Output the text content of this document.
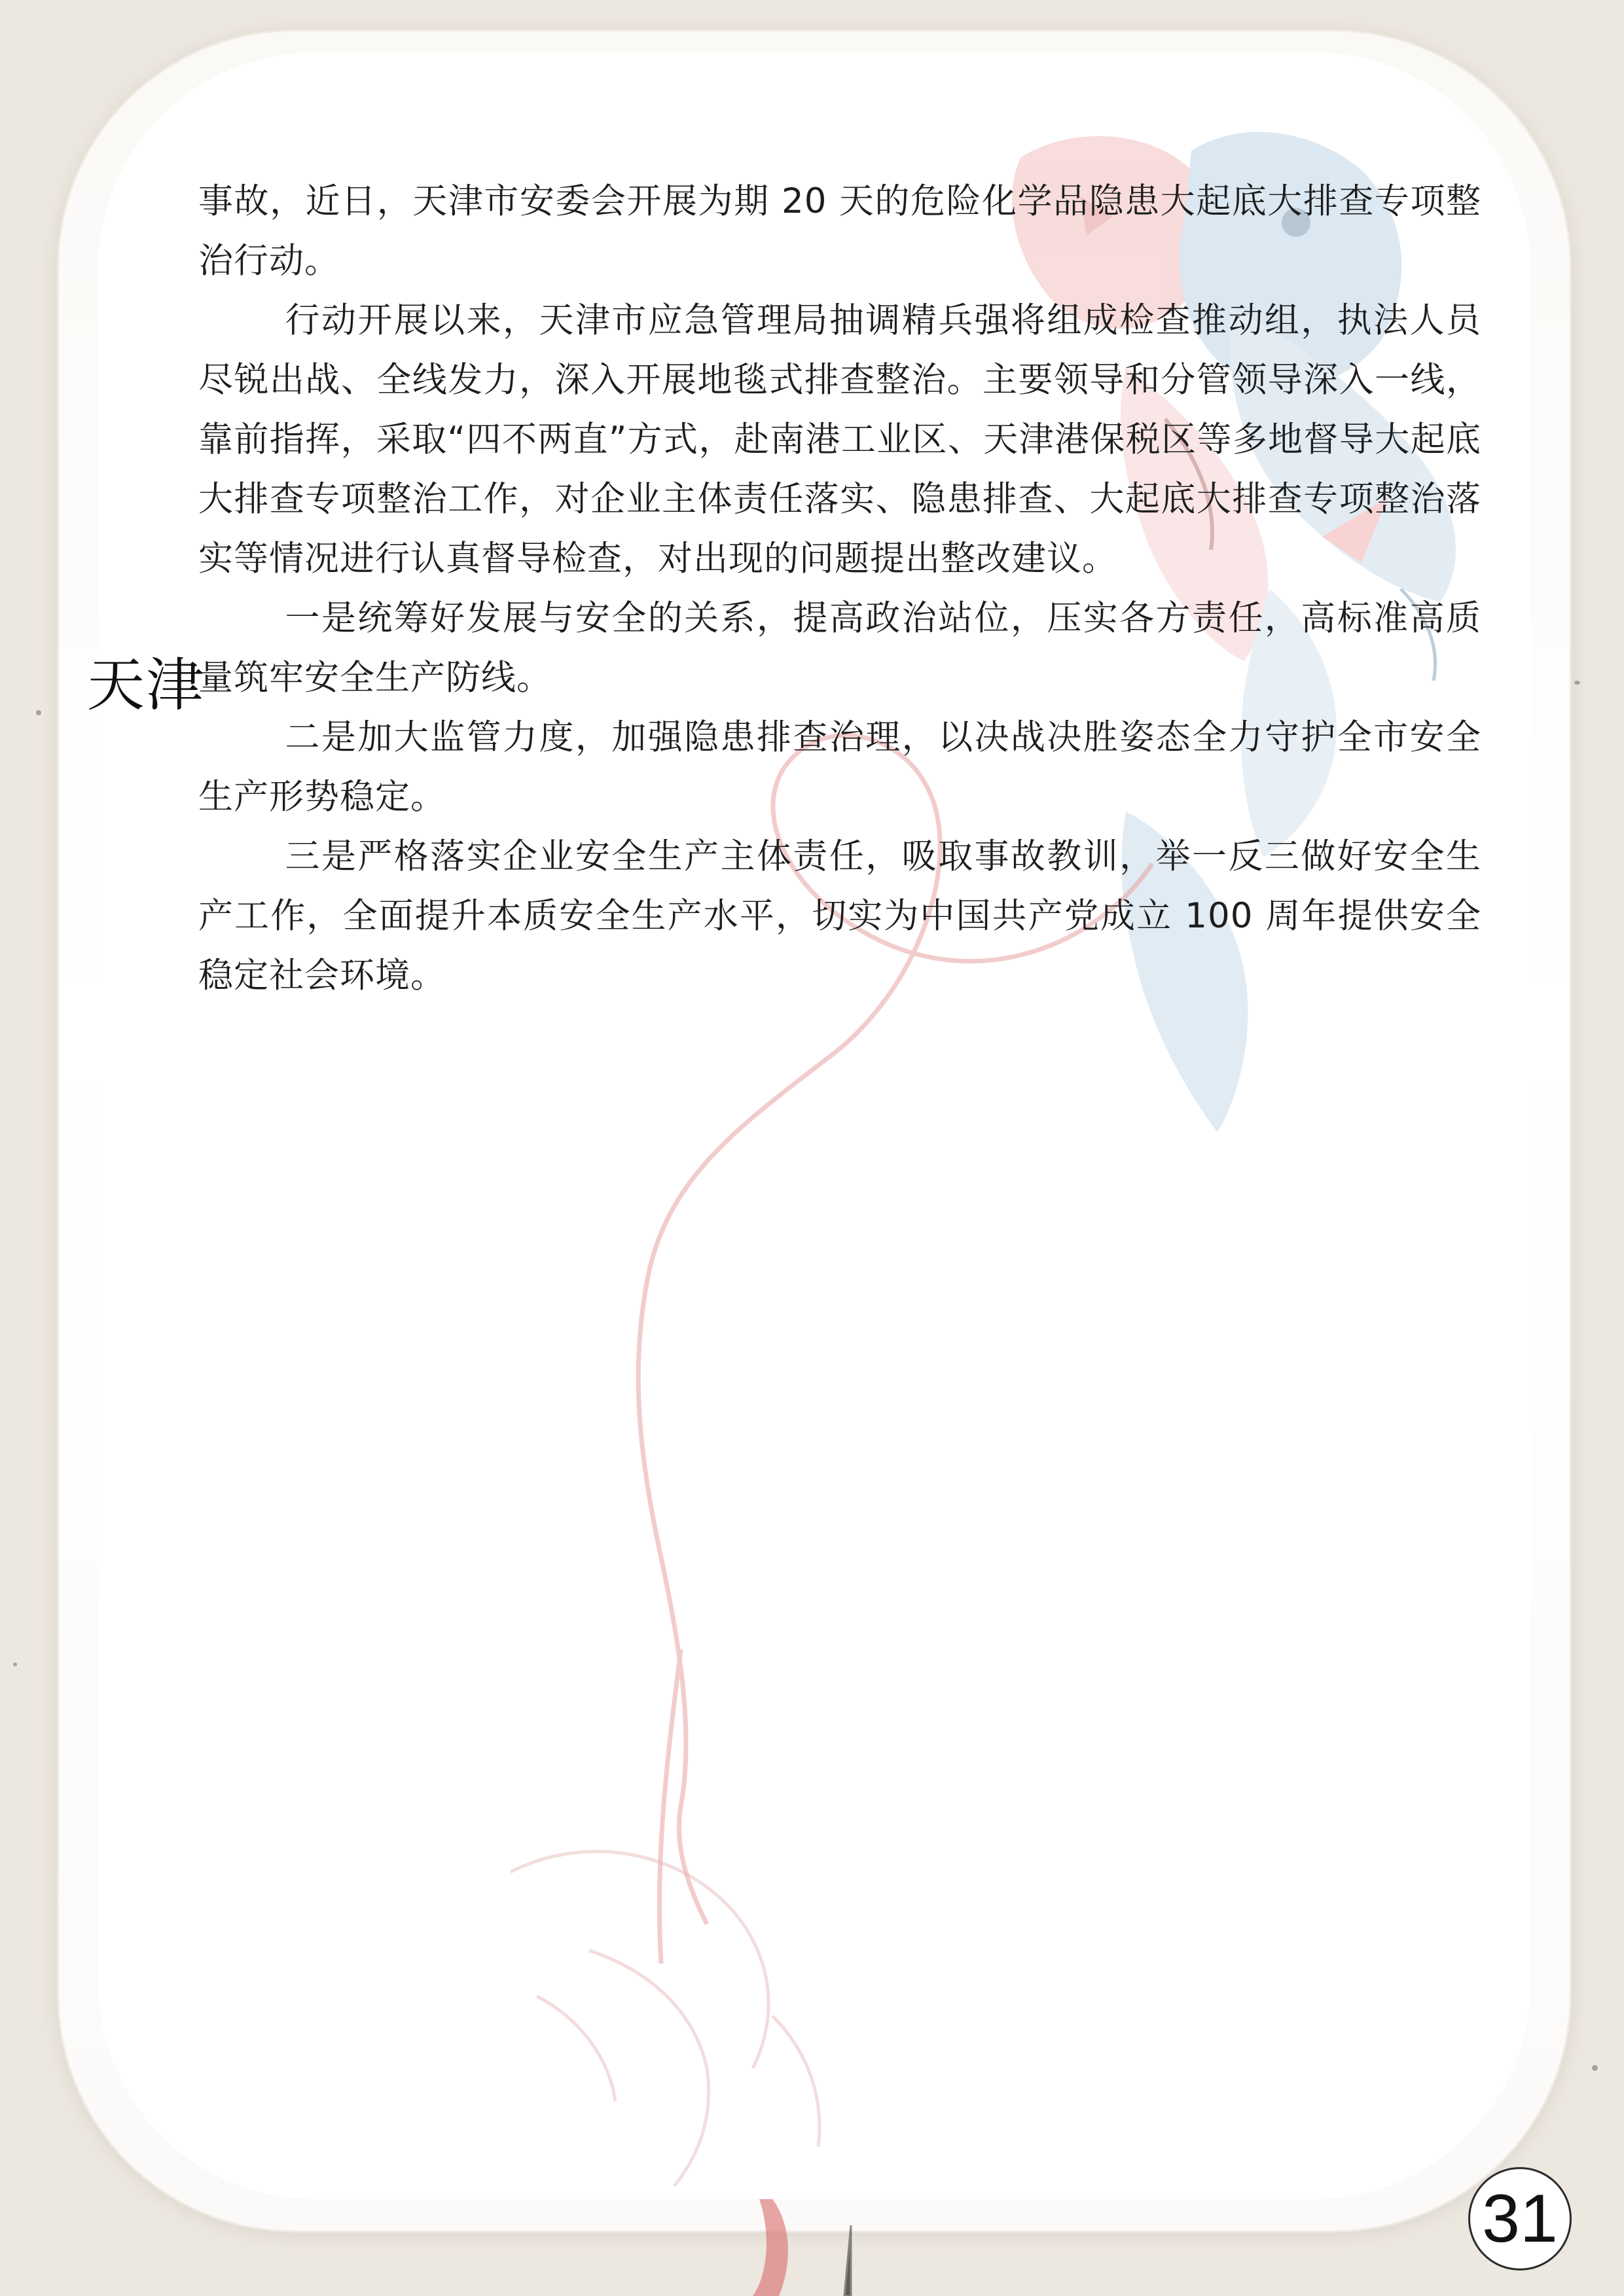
天津

事故，近日，天津市安委会开展为期 20 天的危险化学品隐患大起底大排查专项整治行动。

行动开展以来，天津市应急管理局抽调精兵强将组成检查推动组，执法人员尽锐出战、全线发力，深入开展地毯式排查整治。主要领导和分管领导深入一线，靠前指挥，采取“四不两直”方式，赴南港工业区、天津港保税区等多地督导大起底大排查专项整治工作，对企业主体责任落实、隐患排查、大起底大排查专项整治落实等情况进行认真督导检查，对出现的问题提出整改建议。

一是统筹好发展与安全的关系，提高政治站位，压实各方责任，高标准高质量筑牢安全生产防线。

二是加大监管力度，加强隐患排查治理，以决战决胜姿态全力守护全市安全生产形势稳定。

三是严格落实企业安全生产主体责任，吸取事故教训，举一反三做好安全生产工作，全面提升本质安全生产水平，切实为中国共产党成立 100 周年提供安全稳定社会环境。

31
